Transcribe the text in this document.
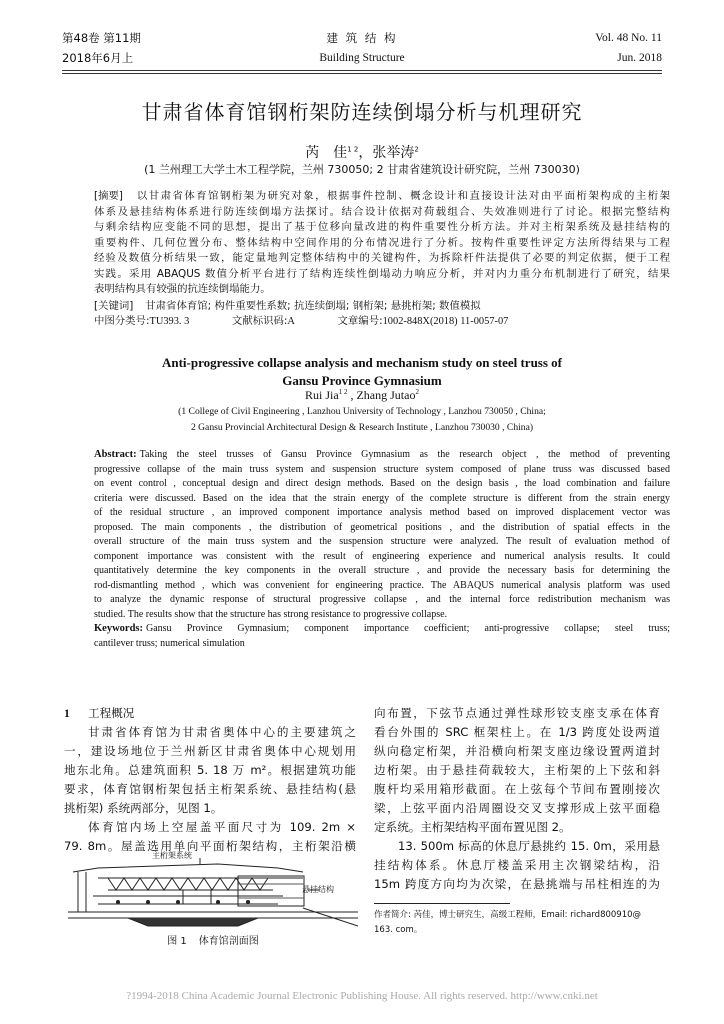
第48卷 第11期
2018年6月上
建 筑 结 构
Building Structure
Vol. 48 No. 11
Jun. 2018
甘肃省体育馆钢桁架防连续倒塌分析与机理研究
芮　佳$^{1 2}$，张举涛$^2$
(1 兰州理工大学土木工程学院，兰州 730050; 2 甘肃省建筑设计研究院，兰州 730030)
[摘要] 以甘肃省体育馆钢桁架为研究对象，根据事件控制、概念设计和直接设计法对由平面桁架构成的主桁架
体系及悬挂结构体系进行防连续倒塌方法探讨。结合设计依据对荷载组合、失效准则进行了讨论。根据完整结构
与剩余结构应变能不同的思想，提出了基于位移向量改进的构件重要性分析方法。并对主桁架系统及悬挂结构的
重要构件、几何位置分布、整体结构中空间作用的分布情况进行了分析。按构件重要性评定方法所得结果与工程
经验及数值分析结果一致，能定量地判定整体结构中的关键构件，为拆除杆件法提供了必要的判定依据，便于工程
实践。采用 ABAQUS 数值分析平台进行了结构连续性倒塌动力响应分析，并对内力重分布机制进行了研究，结果
表明结构具有较强的抗连续倒塌能力。
[关键词] 甘肃省体育馆; 构件重要性系数; 抗连续倒塌; 钢桁架; 悬挑桁架; 数值模拟
中图分类号:TU393. 3	文献标识码:A	文章编号:1002-848X(2018) 11-0057-07
Anti-progressive collapse analysis and mechanism study on steel truss of
Gansu Province Gymnasium
Rui Jia$^{1 2}$ , Zhang Jutao$^2$
(1 College of Civil Engineering , Lanzhou University of Technology , Lanzhou 730050 , China;
2 Gansu Provincial Architectural Design & Research Institute , Lanzhou 730030 , China)
Abstract: Taking the steel trusses of Gansu Province Gymnasium as the research object , the method of preventing
progressive collapse of the main truss system and suspension structure system composed of plane truss was discussed based
on event control , conceptual design and direct design methods. Based on the design basis , the load combination and failure
criteria were discussed. Based on the idea that the strain energy of the complete structure is different from the strain energy
of the residual structure , an improved component importance analysis method based on improved displacement vector was
proposed. The main components , the distribution of geometrical positions , and the distribution of spatial effects in the
overall structure of the main truss system and the suspension structure were analyzed. The result of evaluation method of
component importance was consistent with the result of engineering experience and numerical analysis results. It could
quantitatively determine the key components in the overall structure , and provide the necessary basis for determining the
rod-dismantling method , which was convenient for engineering practice. The ABAQUS numerical analysis platform was used
to analyze the dynamic response of structural progressive collapse , and the internal force redistribution mechanism was
studied. The results show that the structure has strong resistance to progressive collapse.
Keywords: Gansu Province Gymnasium; component importance coefficient; anti-progressive collapse; steel truss;
cantilever truss; numerical simulation
1 工程概况
甘肃省体育馆为甘肃省奥体中心的主要建筑之
一，建设场地位于兰州新区甘肃省奥体中心规划用
地东北角。总建筑面积 5. 18 万 m²。根据建筑功能
要求，体育馆钢桁架包括主桁架系统、悬挂结构(悬
挑桁架) 系统两部分，见图 1。
体育馆内场上空屋盖平面尺寸为 109. 2m ×
79. 8m。屋盖选用单向平面桁架结构，主桁架沿横
主桁架系统
悬挂结构
图 1 体育馆剖面图
向布置，下弦节点通过弹性球形铰支座支承在体育
看台外围的 SRC 框架柱上。在 1/3 跨度处设两道
纵向稳定桁架，并沿横向桁架支座边缘设置两道封
边桁架。由于悬挂荷载较大，主桁架的上下弦和斜
腹杆均采用箱形截面。在上弦每个节间布置刚接次
梁，上弦平面内沿周圈设交叉支撑形成上弦平面稳
定系统。主桁架结构平面布置见图 2。
13. 500m 标高的休息厅悬挑约 15. 0m，采用悬
挂结构体系。休息厅楼盖采用主次钢梁结构，沿
15m 跨度方向均为次梁，在悬挑端与吊柱相连的为
作者简介: 芮佳，博士研究生，高级工程师，Email: richard800910@
163. com。
?1994-2018 China Academic Journal Electronic Publishing House. All rights reserved. http://www.cnki.net
